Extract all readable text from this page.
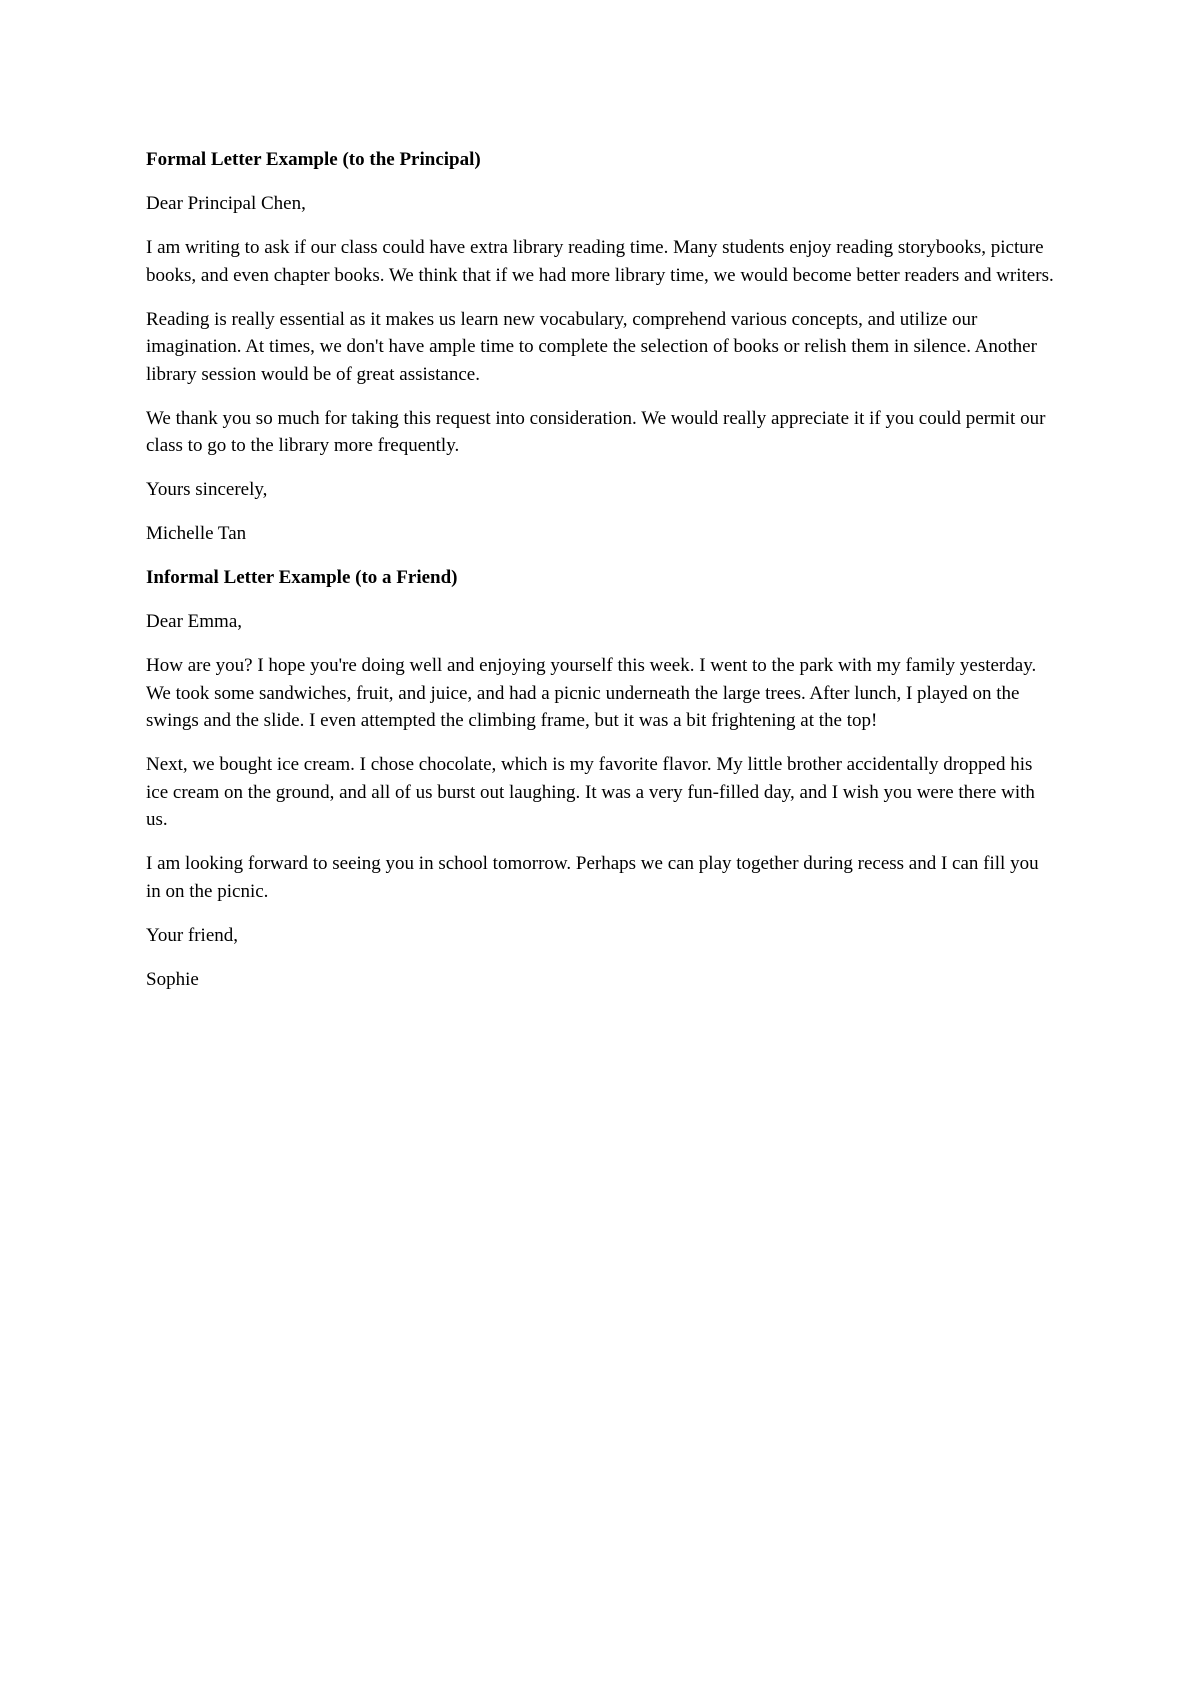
Formal Letter Example (to the Principal)

Dear Principal Chen,

I am writing to ask if our class could have extra library reading time. Many students enjoy reading storybooks, picture books, and even chapter books. We think that if we had more library time, we would become better readers and writers.

Reading is really essential as it makes us learn new vocabulary, comprehend various concepts, and utilize our imagination. At times, we don't have ample time to complete the selection of books or relish them in silence. Another library session would be of great assistance.

We thank you so much for taking this request into consideration. We would really appreciate it if you could permit our class to go to the library more frequently.

Yours sincerely,

Michelle Tan

Informal Letter Example (to a Friend)

Dear Emma,

How are you? I hope you're doing well and enjoying yourself this week. I went to the park with my family yesterday. We took some sandwiches, fruit, and juice, and had a picnic underneath the large trees. After lunch, I played on the swings and the slide. I even attempted the climbing frame, but it was a bit frightening at the top!

Next, we bought ice cream. I chose chocolate, which is my favorite flavor. My little brother accidentally dropped his ice cream on the ground, and all of us burst out laughing. It was a very fun-filled day, and I wish you were there with us.

I am looking forward to seeing you in school tomorrow. Perhaps we can play together during recess and I can fill you in on the picnic.

Your friend,

Sophie
